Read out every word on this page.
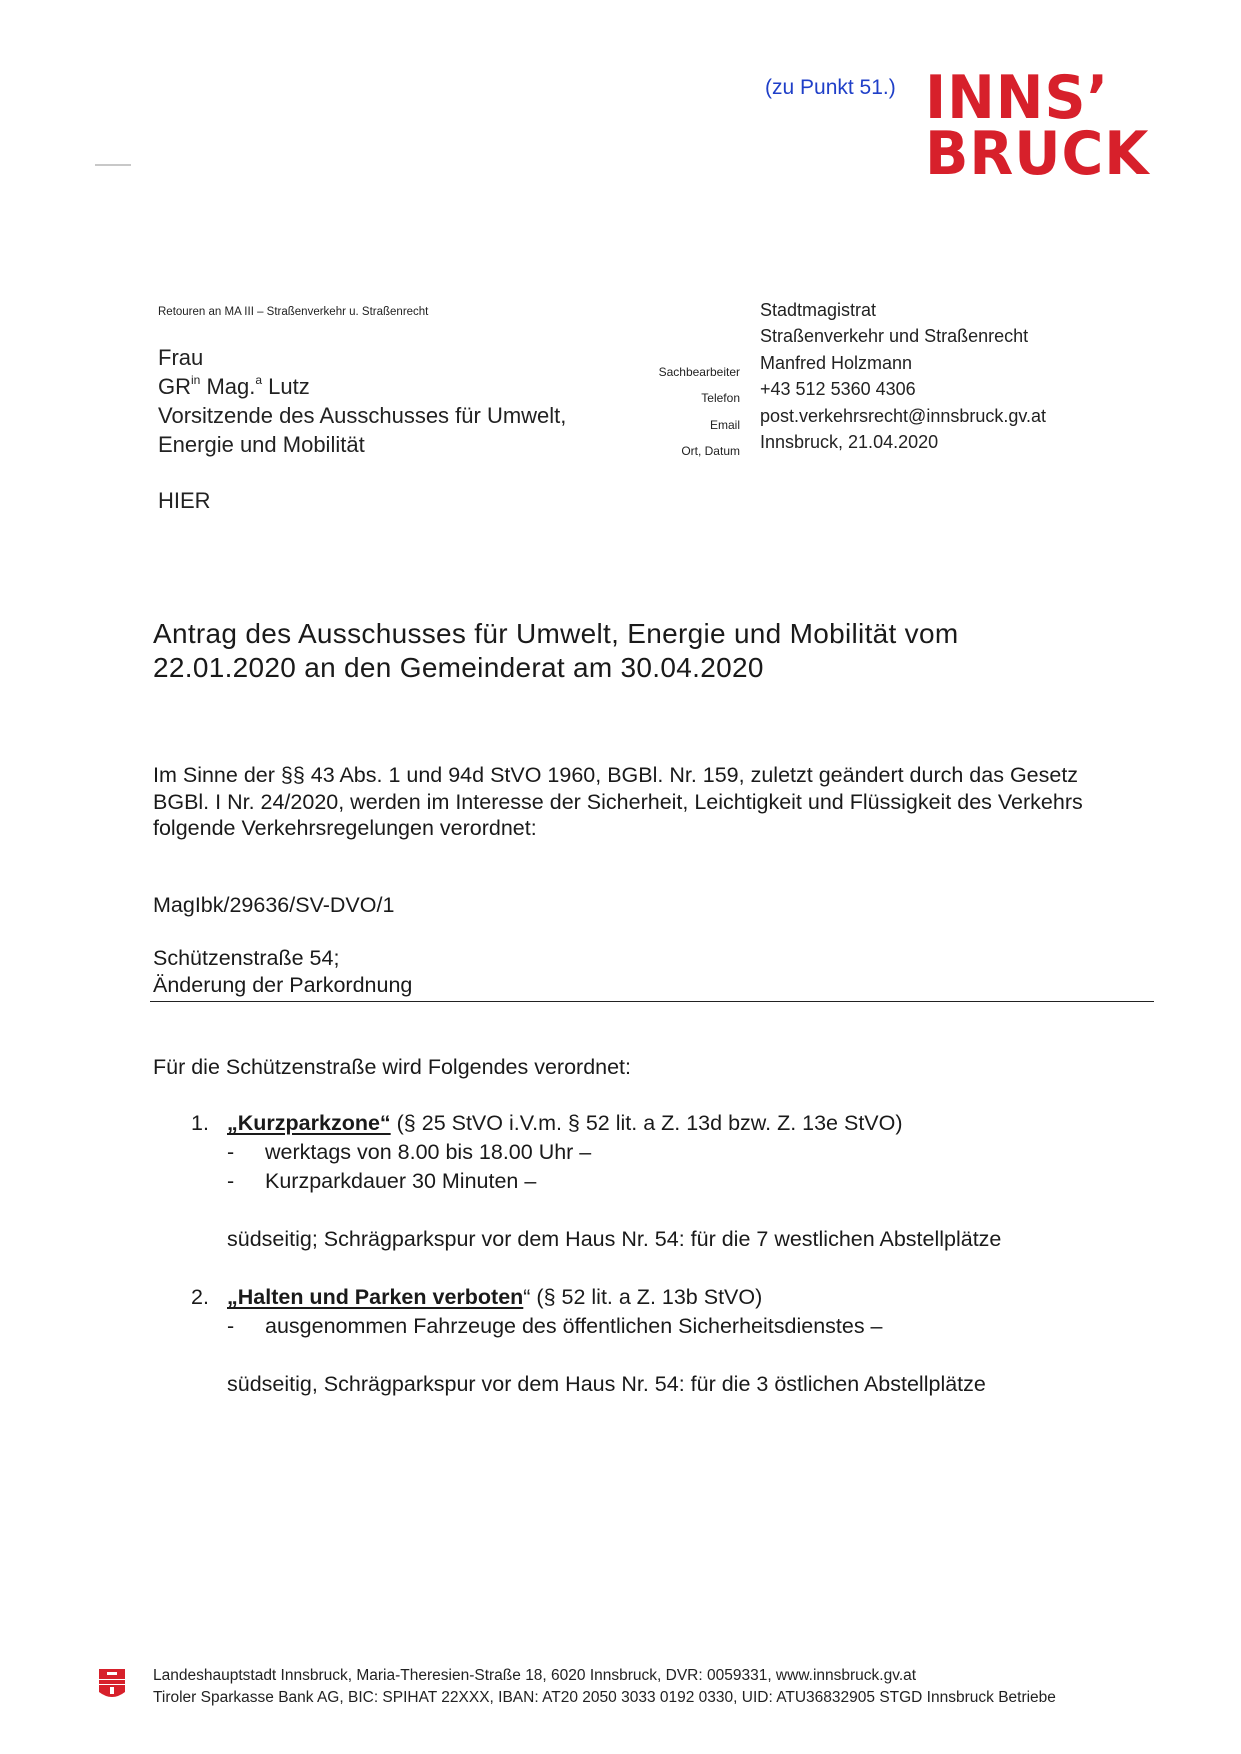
(zu Punkt 51.) INNS’
BRUCK
Retouren an MA III – Straßenverkehr u. Straßenrecht
Frau
$GR^{in}$ Mag.$^a$ Lutz
Vorsitzende des Ausschusses für Umwelt,
Energie und Mobilität
HIER
Sachbearbeiter
Telefon
Email
Ort, Datum
Stadtmagistrat
Straßenverkehr und Straßenrecht
Manfred Holzmann
+43 512 5360 4306
post.verkehrsrecht@innsbruck.gv.at
Innsbruck, 21.04.2020
Antrag des Ausschusses für Umwelt, Energie und Mobilität vom
22.01.2020 an den Gemeinderat am 30.04.2020
Im Sinne der §§ 43 Abs. 1 und 94d StVO 1960, BGBl. Nr. 159, zuletzt geändert durch das Gesetz
BGBl. I Nr. 24/2020, werden im Interesse der Sicherheit, Leichtigkeit und Flüssigkeit des Verkehrs
folgende Verkehrsregelungen verordnet:
MagIbk/29636/SV-DVO/1
Schützenstraße 54;
Änderung der Parkordnung
Für die Schützenstraße wird Folgendes verordnet:
1. „Kurzparkzone“ (§ 25 StVO i.V.m. § 52 lit. a Z. 13d bzw. Z. 13e StVO)
- werktags von 8.00 bis 18.00 Uhr –
- Kurzparkdauer 30 Minuten –
südseitig; Schrägparkspur vor dem Haus Nr. 54: für die 7 westlichen Abstellplätze
2. „Halten und Parken verboten“ (§ 52 lit. a Z. 13b StVO)
- ausgenommen Fahrzeuge des öffentlichen Sicherheitsdienstes –
südseitig, Schrägparkspur vor dem Haus Nr. 54: für die 3 östlichen Abstellplätze
Landeshauptstadt Innsbruck, Maria-Theresien-Straße 18, 6020 Innsbruck, DVR: 0059331, www.innsbruck.gv.at
Tiroler Sparkasse Bank AG, BIC: SPIHAT 22XXX, IBAN: AT20 2050 3033 0192 0330, UID: ATU36832905 STGD Innsbruck Betriebe
